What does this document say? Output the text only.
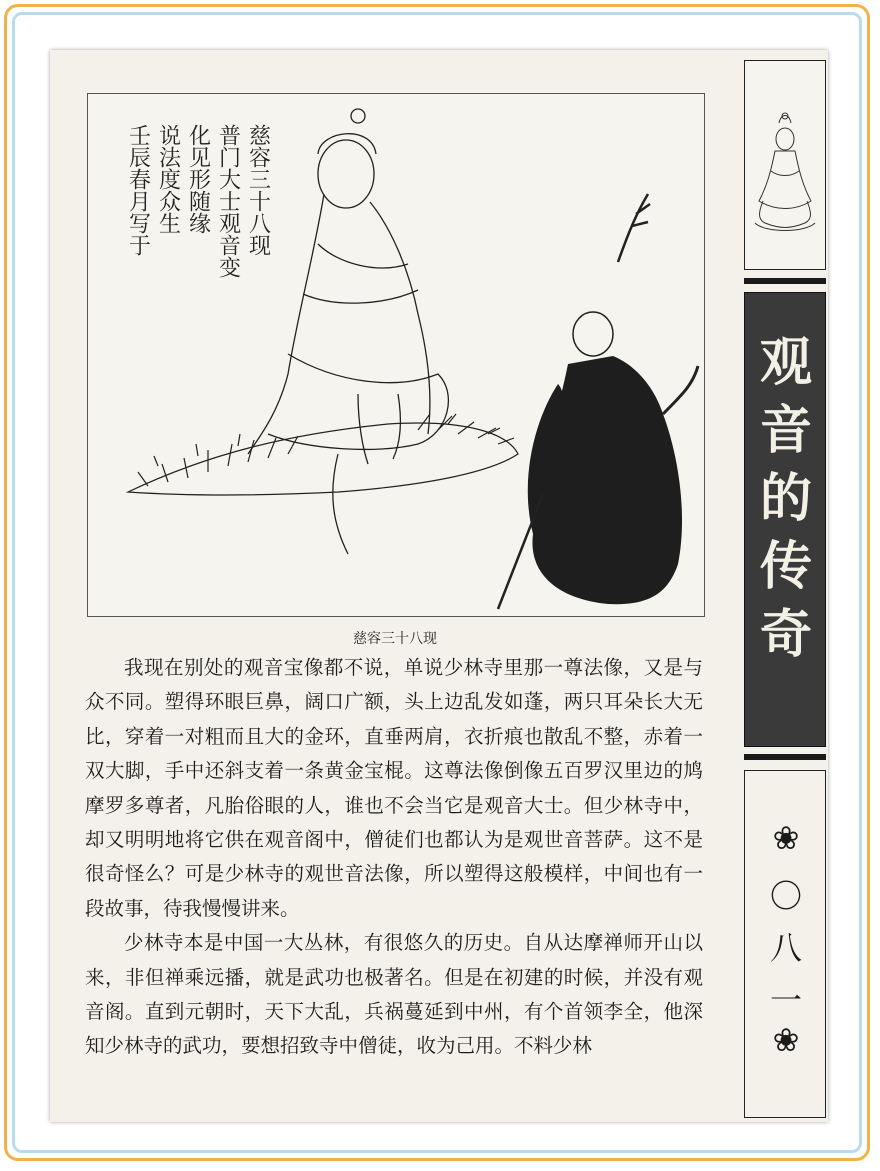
慈容三十八现
普门大士观音变
化见形随缘
说法度众生
壬辰春月写于
慈容三十八现

我现在别处的观音宝像都不说，单说少林寺里那一尊法像，又是与众不同。塑得环眼巨鼻，阔口广额，头上边乱发如蓬，两只耳朵长大无比，穿着一对粗而且大的金环，直垂两肩，衣折痕也散乱不整，赤着一双大脚，手中还斜支着一条黄金宝棍。这尊法像倒像五百罗汉里边的鸠摩罗多尊者，凡胎俗眼的人，谁也不会当它是观音大士。但少林寺中，却又明明地将它供在观音阁中，僧徒们也都认为是观世音菩萨。这不是很奇怪么？可是少林寺的观世音法像，所以塑得这般模样，中间也有一段故事，待我慢慢讲来。

少林寺本是中国一大丛林，有很悠久的历史。自从达摩禅师开山以来，非但禅乘远播，就是武功也极著名。但是在初建的时候，并没有观音阁。直到元朝时，天下大乱，兵祸蔓延到中州，有个首领李全，他深知少林寺的武功，要想招致寺中僧徒，收为己用。不料少林

观
音
的
传
奇
❀
〇
八
一
❀
